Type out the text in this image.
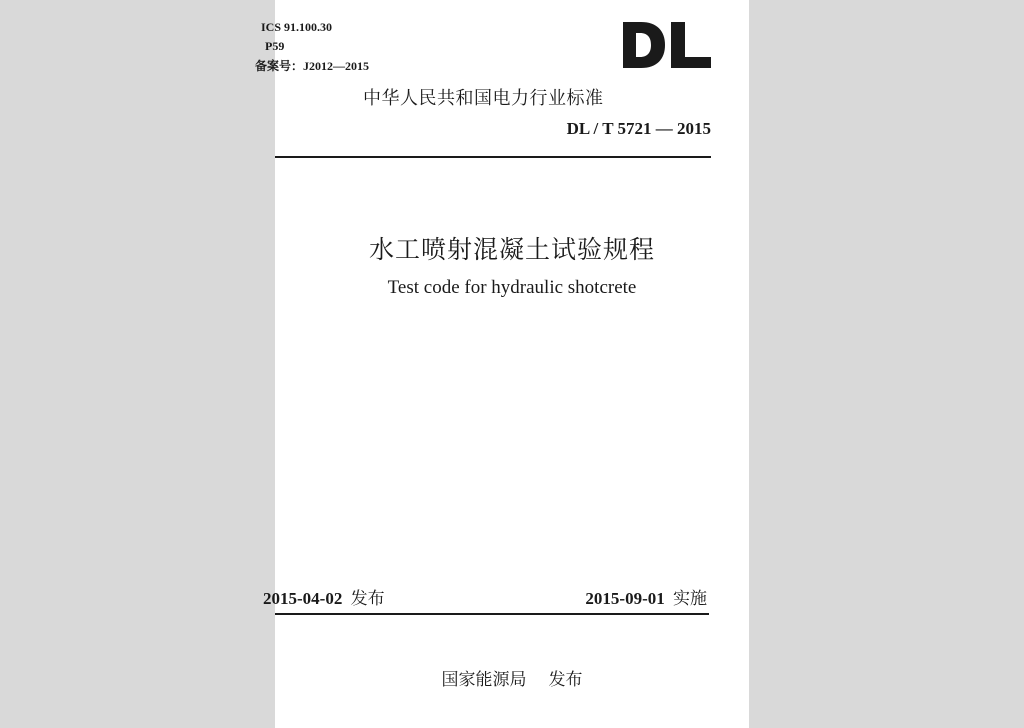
ICS 91.100.30
P59
备案号：J2012—2015
中华人民共和国电力行业标准
DL / T 5721 — 2015
水工喷射混凝土试验规程
Test code for hydraulic shotcrete
2015-04-02 发布	2015-09-01 实施
国家能源局 发布
